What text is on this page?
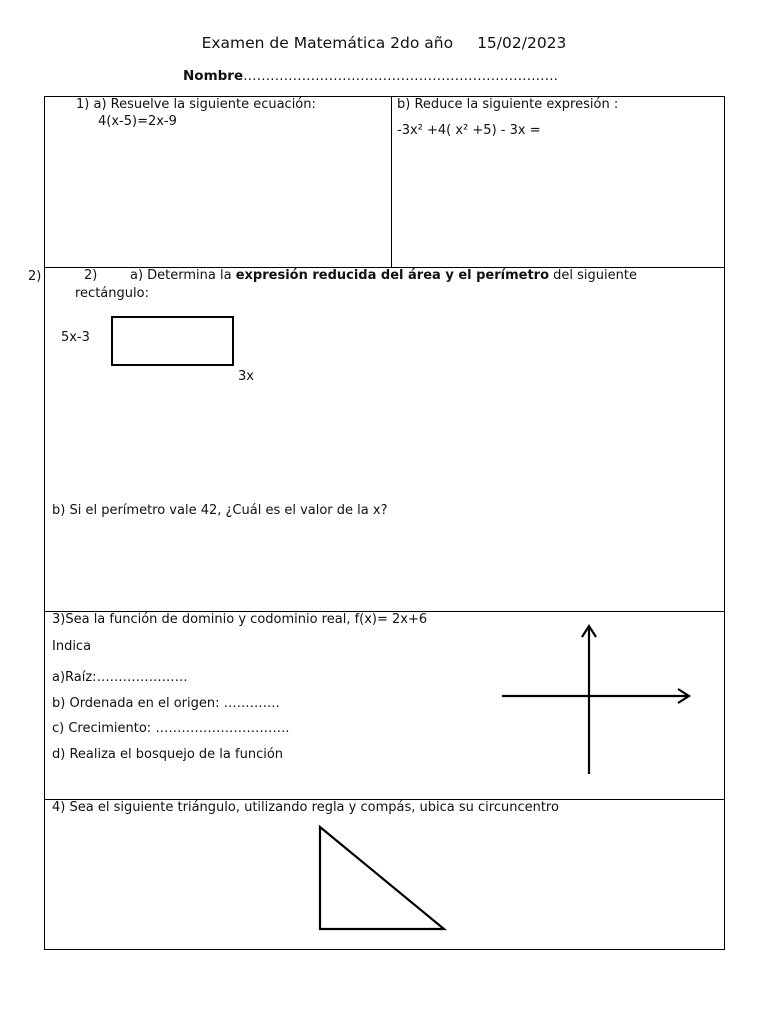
Examen de Matemática 2do año 15/02/2023
Nombre…………………………………………………………….
2)
1) a) Resuelve la siguiente ecuación:
4(x-5)=2x-9
b) Reduce la siguiente expresión :
-3x² +4( x² +5) - 3x =
2)	a) Determina la expresión reducida del área y el perímetro del siguiente
rectángulo:
5x-3
3x
b) Si el perímetro vale 42, ¿Cuál es el valor de la x?
3)Sea la función de dominio y codominio real, f(x)= 2x+6
Indica
a)Raíz:…………………
b) Ordenada en el origen: ………….
c) Crecimiento: ………………………….
d) Realiza el bosquejo de la función
4) Sea el siguiente triángulo, utilizando regla y compás, ubica su circuncentro
